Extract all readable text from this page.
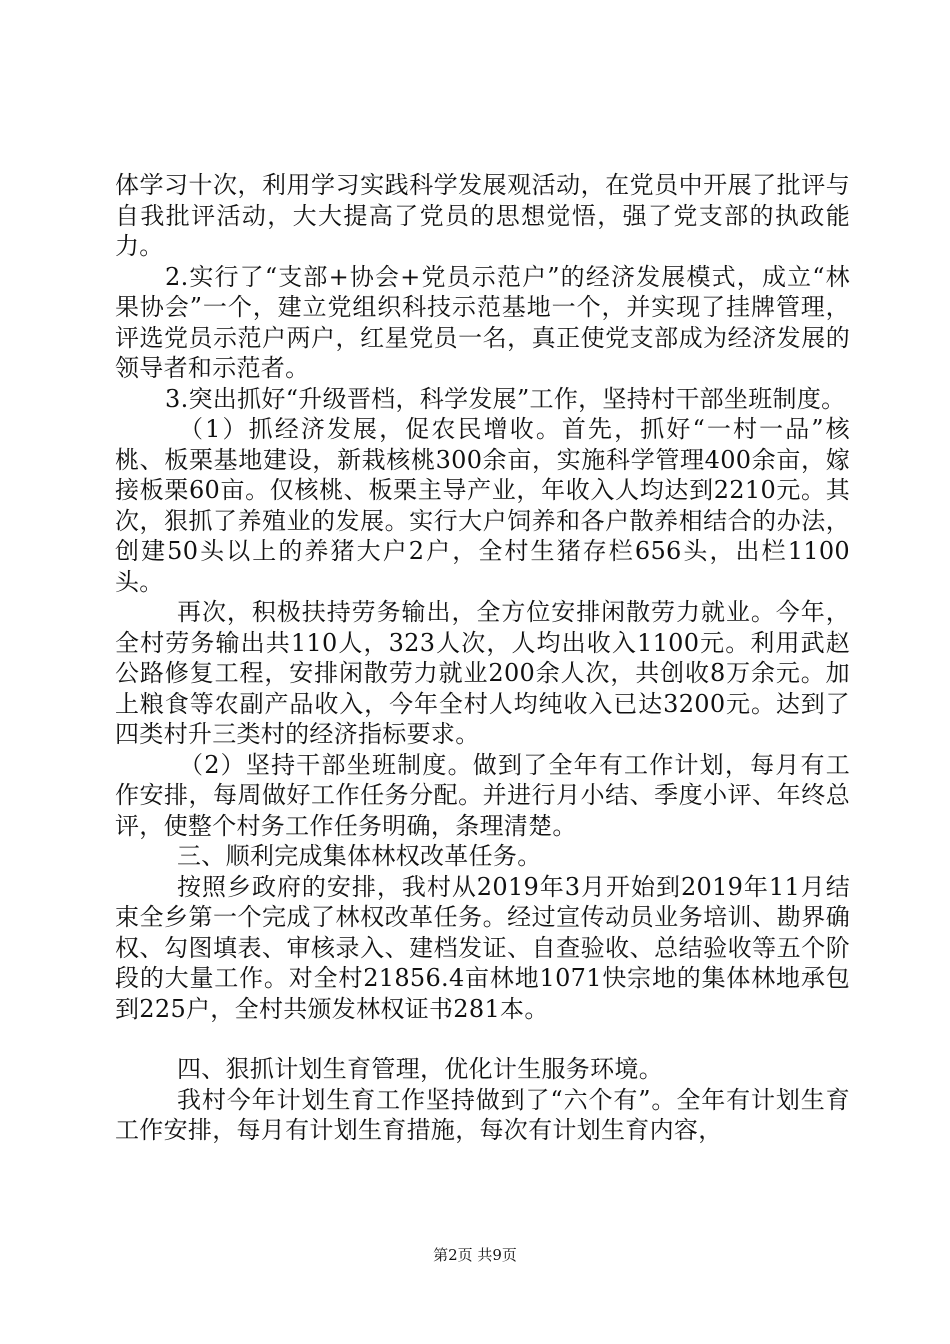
体学习十次，利用学习实践科学发展观活动，在党员中开展了批评与自我批评活动，大大提高了党员的思想觉悟，强了党支部的执政能力。

2.实行了“支部+协会+党员示范户”的经济发展模式，成立“林果协会”一个，建立党组织科技示范基地一个，并实现了挂牌管理，评选党员示范户两户，红星党员一名，真正使党支部成为经济发展的领导者和示范者。

3.突出抓好“升级晋档，科学发展”工作，坚持村干部坐班制度。

（1）抓经济发展，促农民增收。首先，抓好“一村一品”核桃、板栗基地建设，新栽核桃300余亩，实施科学管理400余亩，嫁接板栗60亩。仅核桃、板栗主导产业，年收入人均达到2210元。其次，狠抓了养殖业的发展。实行大户饲养和各户散养相结合的办法，创建50头以上的养猪大户2户，全村生猪存栏656头，出栏1100头。

再次，积极扶持劳务输出，全方位安排闲散劳力就业。今年，全村劳务输出共110人，323人次，人均出收入1100元。利用武赵公路修复工程，安排闲散劳力就业200余人次，共创收8万余元。加上粮食等农副产品收入，今年全村人均纯收入已达3200元。达到了四类村升三类村的经济指标要求。

（2）坚持干部坐班制度。做到了全年有工作计划，每月有工作安排，每周做好工作任务分配。并进行月小结、季度小评、年终总评，使整个村务工作任务明确，条理清楚。

三、顺利完成集体林权改革任务。

按照乡政府的安排，我村从2019年3月开始到2019年11月结束全乡第一个完成了林权改革任务。经过宣传动员业务培训、勘界确权、勾图填表、审核录入、建档发证、自查验收、总结验收等五个阶段的大量工作。对全村21856.4亩林地1071快宗地的集体林地承包到225户，全村共颁发林权证书281本。

四、狠抓计划生育管理，优化计生服务环境。

我村今年计划生育工作坚持做到了“六个有”。全年有计划生育工作安排，每月有计划生育措施，每次有计划生育内容，

第2页 共9页
